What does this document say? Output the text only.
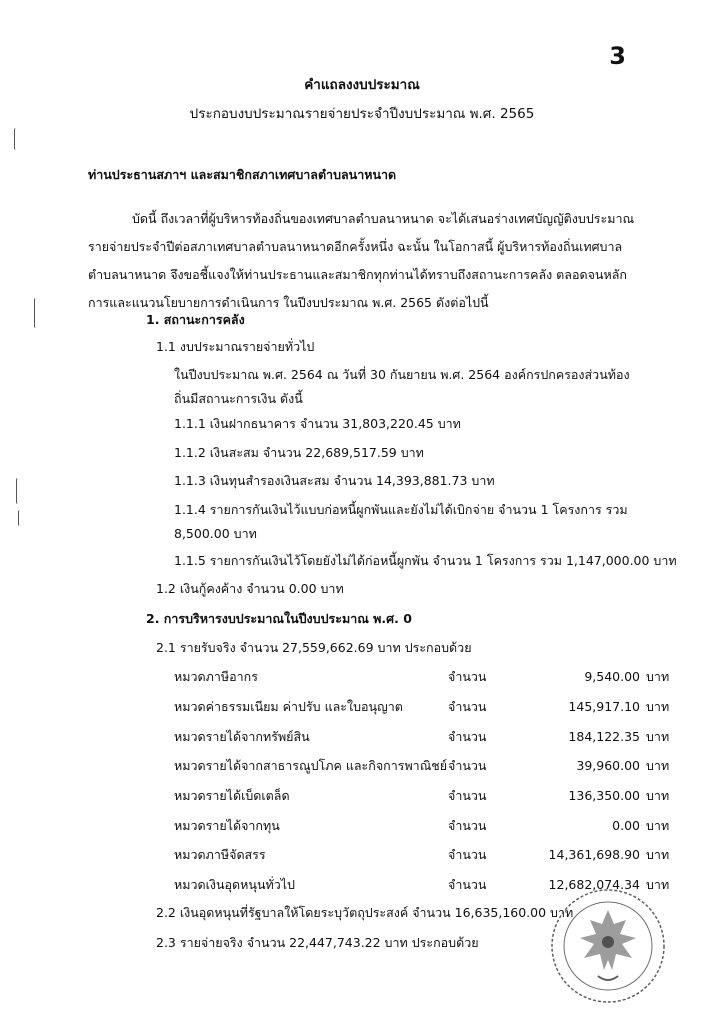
3
คำแถลงงบประมาณ
ประกอบงบประมาณรายจ่ายประจำปีงบประมาณ พ.ศ. 2565
ท่านประธานสภาฯ และสมาชิกสภาเทศบาลตำบลนาหนาด
บัดนี้ ถึงเวลาที่ผู้บริหารท้องถิ่นของเทศบาลตำบลนาหนาด จะได้เสนอร่างเทศบัญญัติงบประมาณรายจ่ายประจำปีต่อสภาเทศบาลตำบลนาหนาดอีกครั้งหนึ่ง ฉะนั้น ในโอกาสนี้ ผู้บริหารท้องถิ่นเทศบาลตำบลนาหนาด จึงขอชี้แจงให้ท่านประธานและสมาชิกทุกท่านได้ทราบถึงสถานะการคลัง ตลอดจนหลักการและแนวนโยบายการดำเนินการ ในปีงบประมาณ พ.ศ. 2565 ดังต่อไปนี้
1. สถานะการคลัง
1.1 งบประมาณรายจ่ายทั่วไป
ในปีงบประมาณ พ.ศ. 2564 ณ วันที่ 30 กันยายน พ.ศ. 2564 องค์กรปกครองส่วนท้องถิ่นมีสถานะการเงิน ดังนี้
1.1.1 เงินฝากธนาคาร จำนวน 31,803,220.45 บาท
1.1.2 เงินสะสม จำนวน 22,689,517.59 บาท
1.1.3 เงินทุนสำรองเงินสะสม จำนวน 14,393,881.73 บาท
1.1.4 รายการกันเงินไว้แบบก่อหนี้ผูกพันและยังไม่ได้เบิกจ่าย จำนวน 1 โครงการ รวม 8,500.00 บาท
1.1.5 รายการกันเงินไว้โดยยังไม่ได้ก่อหนี้ผูกพัน จำนวน 1 โครงการ รวม 1,147,000.00 บาท
1.2 เงินกู้คงค้าง จำนวน 0.00 บาท
2. การบริหารงบประมาณในปีงบประมาณ พ.ศ. 0
2.1 รายรับจริง จำนวน 27,559,662.69 บาท ประกอบด้วย
หมวดภาษีอากร	จำนวน	9,540.00 บาท
หมวดค่าธรรมเนียม ค่าปรับ และใบอนุญาต	จำนวน	145,917.10 บาท
หมวดรายได้จากทรัพย์สิน	จำนวน	184,122.35 บาท
หมวดรายได้จากสาธารณูปโภค และกิจการพาณิชย์ จำนวน	39,960.00 บาท
หมวดรายได้เบ็ดเตล็ด	จำนวน	136,350.00 บาท
หมวดรายได้จากทุน	จำนวน	0.00 บาท
หมวดภาษีจัดสรร	จำนวน	14,361,698.90 บาท
หมวดเงินอุดหนุนทั่วไป	จำนวน	12,682,074.34 บาท
2.2 เงินอุดหนุนที่รัฐบาลให้โดยระบุวัตถุประสงค์ จำนวน 16,635,160.00 บาท
2.3 รายจ่ายจริง จำนวน 22,447,743.22 บาท ประกอบด้วย
